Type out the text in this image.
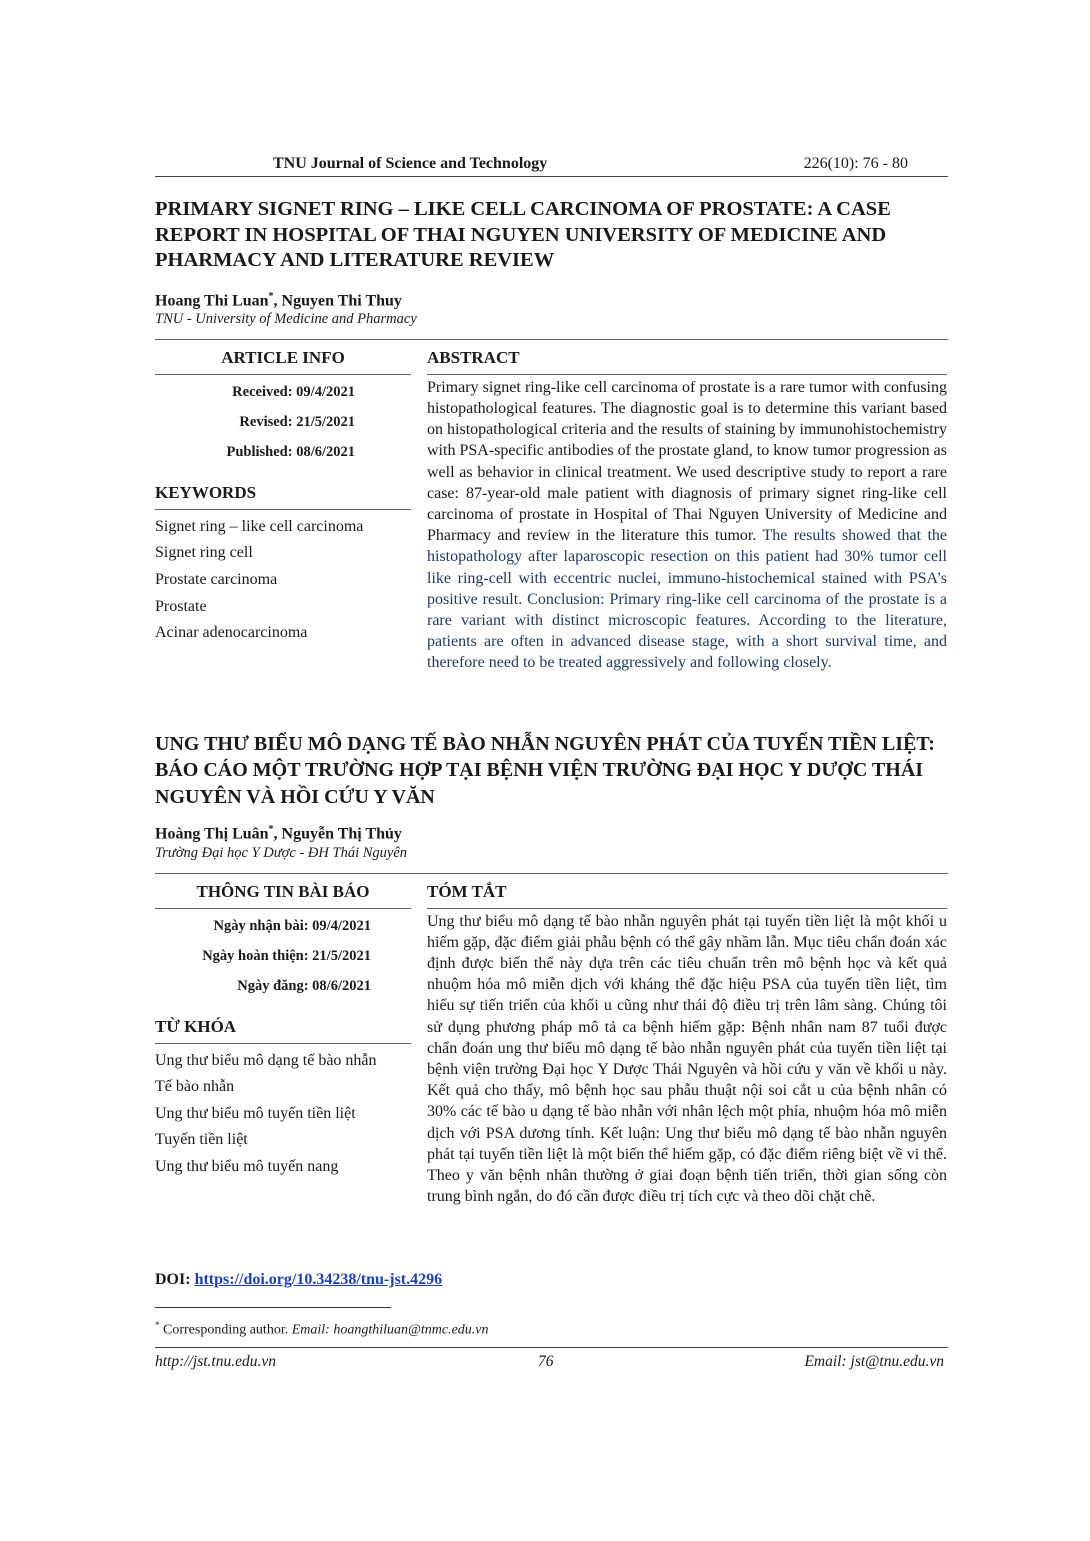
TNU Journal of Science and Technology	226(10): 76 - 80
PRIMARY SIGNET RING – LIKE CELL CARCINOMA OF PROSTATE: A CASE REPORT IN HOSPITAL OF THAI NGUYEN UNIVERSITY OF MEDICINE AND PHARMACY AND LITERATURE REVIEW
Hoang Thi Luan*, Nguyen Thi Thuy
TNU - University of Medicine and Pharmacy
ARTICLE INFO
Received: 09/4/2021
Revised: 21/5/2021
Published: 08/6/2021
KEYWORDS
Signet ring – like cell carcinoma
Signet ring cell
Prostate carcinoma
Prostate
Acinar adenocarcinoma
ABSTRACT
Primary signet ring-like cell carcinoma of prostate is a rare tumor with confusing histopathological features. The diagnostic goal is to determine this variant based on histopathological criteria and the results of staining by immunohistochemistry with PSA-specific antibodies of the prostate gland, to know tumor progression as well as behavior in clinical treatment. We used descriptive study to report a rare case: 87-year-old male patient with diagnosis of primary signet ring-like cell carcinoma of prostate in Hospital of Thai Nguyen University of Medicine and Pharmacy and review in the literature this tumor. The results showed that the histopathology after laparoscopic resection on this patient had 30% tumor cell like ring-cell with eccentric nuclei, immuno-histochemical stained with PSA’s positive result. Conclusion: Primary ring-like cell carcinoma of the prostate is a rare variant with distinct microscopic features. According to the literature, patients are often in advanced disease stage, with a short survival time, and therefore need to be treated aggressively and following closely.
UNG THƯ BIỂU MÔ DẠNG TẾ BÀO NHẪN NGUYÊN PHÁT CỦA TUYẾN TIỀN LIỆT: BÁO CÁO MỘT TRƯỜNG HỢP TẠI BỆNH VIỆN TRƯỜNG ĐẠI HỌC Y DƯỢC THÁI NGUYÊN VÀ HỒI CỨU Y VĂN
Hoàng Thị Luân*, Nguyễn Thị Thủy
Trường Đại học Y Dược - ĐH Thái Nguyên
THÔNG TIN BÀI BÁO
Ngày nhận bài: 09/4/2021
Ngày hoàn thiện: 21/5/2021
Ngày đăng: 08/6/2021
TỪ KHÓA
Ung thư biểu mô dạng tế bào nhẫn
Tế bào nhẫn
Ung thư biểu mô tuyến tiền liệt
Tuyến tiền liệt
Ung thư biểu mô tuyến nang
TÓM TẮT
Ung thư biểu mô dạng tế bào nhẫn nguyên phát tại tuyến tiền liệt là một khối u hiếm gặp, đặc điểm giải phẫu bệnh có thể gây nhầm lẫn. Mục tiêu chẩn đoán xác định được biến thể này dựa trên các tiêu chuẩn trên mô bệnh học và kết quả nhuộm hóa mô miễn dịch với kháng thể đặc hiệu PSA của tuyến tiền liệt, tìm hiểu sự tiến triển của khối u cũng như thái độ điều trị trên lâm sàng. Chúng tôi sử dụng phương pháp mô tả ca bệnh hiếm gặp: Bệnh nhân nam 87 tuổi được chẩn đoán ung thư biểu mô dạng tế bào nhẫn nguyên phát của tuyến tiền liệt tại bệnh viện trường Đại học Y Dược Thái Nguyên và hồi cứu y văn về khối u này. Kết quả cho thấy, mô bệnh học sau phẫu thuật nội soi cắt u của bệnh nhân có 30% các tế bào u dạng tế bào nhẫn với nhân lệch một phía, nhuộm hóa mô miễn dịch với PSA dương tính. Kết luận: Ung thư biểu mô dạng tế bào nhẫn nguyên phát tại tuyến tiền liệt là một biến thể hiếm gặp, có đặc điểm riêng biệt về vi thể. Theo y văn bệnh nhân thường ở giai đoạn bệnh tiến triển, thời gian sống còn trung bình ngắn, do đó cần được điều trị tích cực và theo dõi chặt chẽ.
DOI: https://doi.org/10.34238/tnu-jst.4296
* Corresponding author. Email: hoangthiluan@tnmc.edu.vn
http://jst.tnu.edu.vn	76	Email: jst@tnu.edu.vn
